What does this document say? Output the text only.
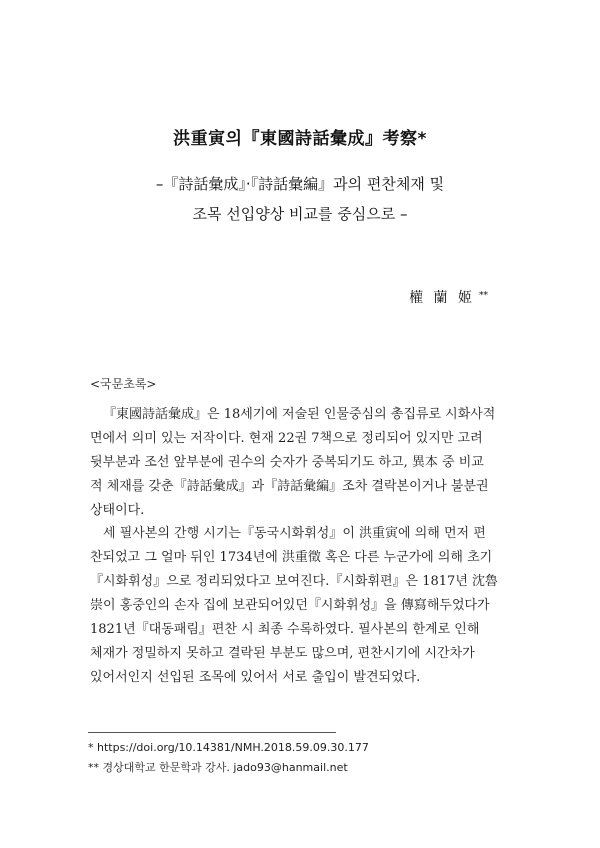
洪重寅의『東國詩話彙成』考察*
–『詩話彙成』·『詩話彙編』과의 편찬체재 및
조목 선입양상 비교를 중심으로 –
權 蘭 姬 **
<국문초록>

『東國詩話彙成』은 18세기에 저술된 인물중심의 총집류로 시화사적
면에서 의미 있는 저작이다. 현재 22권 7책으로 정리되어 있지만 고려
뒷부분과 조선 앞부분에 권수의 숫자가 중복되기도 하고, 異本 중 비교
적 체재를 갖춘『詩話彙成』과『詩話彙編』조차 결락본이거나 불분권
상태이다.

세 필사본의 간행 시기는『동국시화휘성』이 洪重寅에 의해 먼저 편
찬되었고 그 얼마 뒤인 1734년에 洪重徵 혹은 다른 누군가에 의해 초기
『시화휘성』으로 정리되었다고 보여진다.『시화휘편』은 1817년 沈魯
崇이 홍중인의 손자 집에 보관되어있던『시화휘성』을 傳寫해두었다가
1821년『대동패림』편찬 시 최종 수록하였다. 필사본의 한계로 인해
체재가 정밀하지 못하고 결락된 부분도 많으며, 편찬시기에 시간차가
있어서인지 선입된 조목에 있어서 서로 출입이 발견되었다.

* https://doi.org/10.14381/NMH.2018.59.09.30.177
** 경상대학교 한문학과 강사. jado93@hanmail.net
